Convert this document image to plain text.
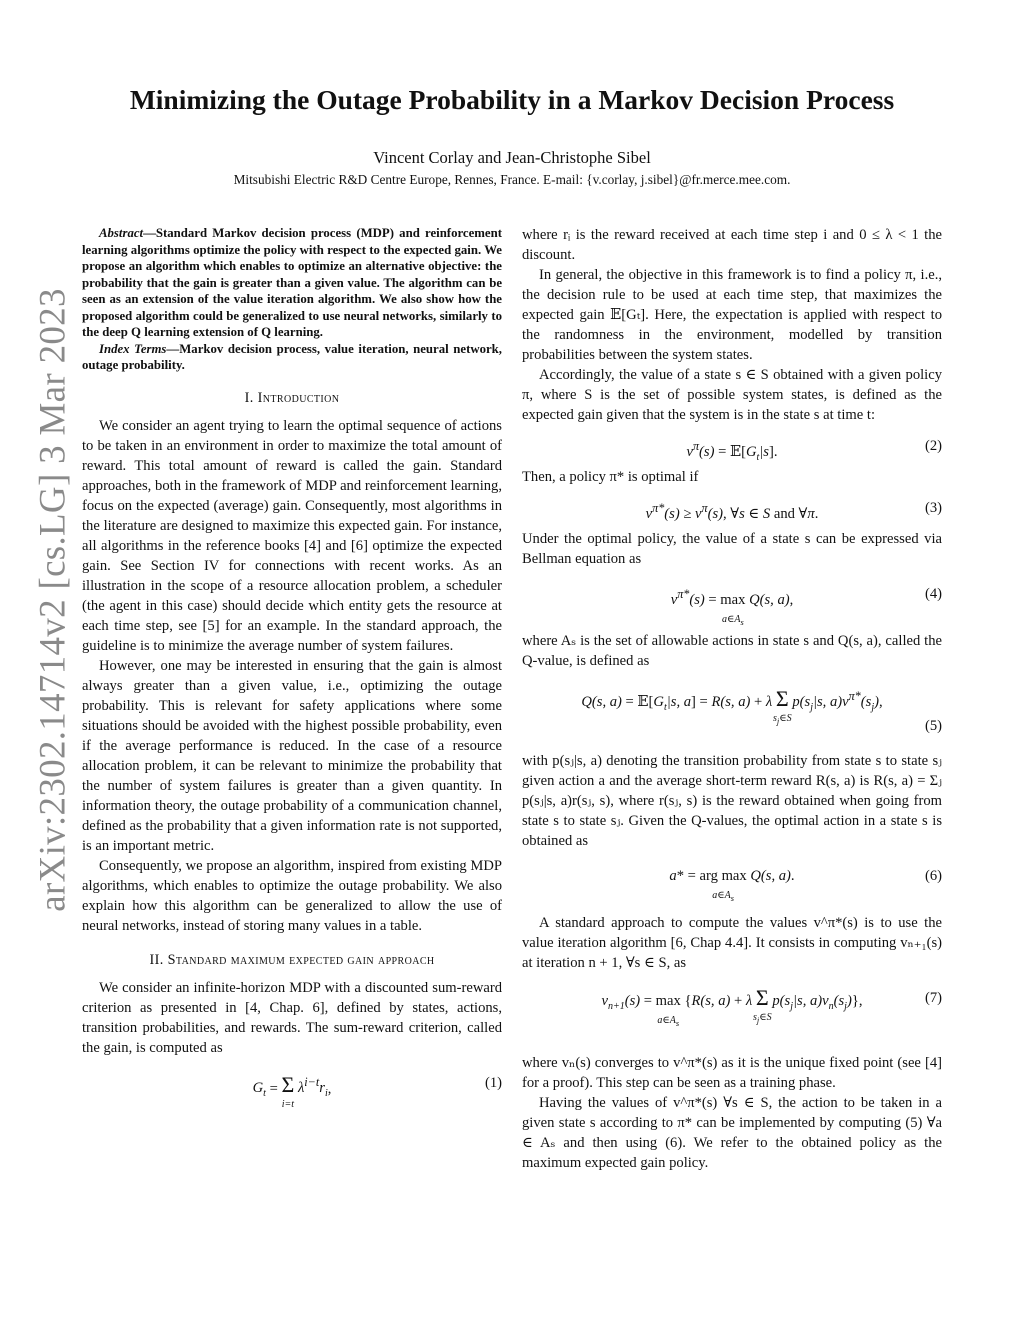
arXiv:2302.14714v2 [cs.LG] 3 Mar 2023
Minimizing the Outage Probability in a Markov Decision Process
Vincent Corlay and Jean-Christophe Sibel
Mitsubishi Electric R&D Centre Europe, Rennes, France. E-mail: {v.corlay, j.sibel}@fr.merce.mee.com.

Abstract—Standard Markov decision process (MDP) and reinforcement learning algorithms optimize the policy with respect to the expected gain. We propose an algorithm which enables to optimize an alternative objective: the probability that the gain is greater than a given value. The algorithm can be seen as an extension of the value iteration algorithm. We also show how the proposed algorithm could be generalized to use neural networks, similarly to the deep Q learning extension of Q learning.

Index Terms—Markov decision process, value iteration, neural network, outage probability.

I. Introduction

We consider an agent trying to learn the optimal sequence of actions to be taken in an environment in order to maximize the total amount of reward. This total amount of reward is called the gain. Standard approaches, both in the framework of MDP and reinforcement learning, focus on the expected (average) gain. Consequently, most algorithms in the literature are designed to maximize this expected gain. For instance, all algorithms in the reference books [4] and [6] optimize the expected gain. See Section IV for connections with recent works. As an illustration in the scope of a resource allocation problem, a scheduler (the agent in this case) should decide which entity gets the resource at each time step, see [5] for an example. In the standard approach, the guideline is to minimize the average number of system failures.

However, one may be interested in ensuring that the gain is almost always greater than a given value, i.e., optimizing the outage probability. This is relevant for safety applications where some situations should be avoided with the highest possible probability, even if the average performance is reduced. In the case of a resource allocation problem, it can be relevant to minimize the probability that the number of system failures is greater than a given quantity. In information theory, the outage probability of a communication channel, defined as the probability that a given information rate is not supported, is an important metric.

Consequently, we propose an algorithm, inspired from existing MDP algorithms, which enables to optimize the outage probability. We also explain how this algorithm can be generalized to allow the use of neural networks, instead of storing many values in a table.

II. Standard maximum expected gain approach

We consider an infinite-horizon MDP with a discounted sum-reward criterion as presented in [4, Chap. 6], defined by states, actions, transition probabilities, and rewards. The sum-reward criterion, called the gain, is computed as

$G_t = \Sigma$
i=t
$\lambda^{i-t}r_i$,	(1)

where rᵢ is the reward received at each time step i and 0 ≤ λ < 1 the discount.

In general, the objective in this framework is to find a policy π, i.e., the decision rule to be used at each time step, that maximizes the expected gain 𝔼[Gₜ]. Here, the expectation is applied with respect to the randomness in the environment, modelled by transition probabilities between the system states.

Accordingly, the value of a state s ∈ S obtained with a given policy π, where S is the set of possible system states, is defined as the expected gain given that the system is in the state s at time t:

$v^\pi(s)$ = $𝔼[G_t|s]$.	(2)

Then, a policy π* is optimal if

$v^{\pi*}(s) \ge v^\pi(s)$, ∀s ∈ S and ∀π.	(3)

Under the optimal policy, the value of a state s can be expressed via Bellman equation as

$v^{\pi*}(s) = \max$
$a\in A_s$
Q(s, a),	(4)

where Aₛ is the set of allowable actions in state s and Q(s, a), called the Q-value, is defined as

Q(s, $a) = 𝔼[G_t|s$, a] = R(s, a) + λ Σ
$s_j\in S$
$p(s_j|s$, $a)v^{\pi*}(s_j)$,
(5)

with p(sⱼ|s, a) denoting the transition probability from state s to state sⱼ given action a and the average short-term reward R(s, a) is R(s, a) = Σⱼ p(sⱼ|s, a)r(sⱼ, s), where r(sⱼ, s) is the reward obtained when going from state s to state sⱼ. Given the Q-values, the optimal action in a state s is obtained as

a* = arg max
$a\in A_s$
Q(s, a).	(6)

A standard approach to compute the values v^π*(s) is to use the value iteration algorithm [6, Chap 4.4]. It consists in computing vₙ₊₁(s) at iteration n + 1, ∀s ∈ S, as

$v_{n+1}(s) = \max$
$a\in A_s$
{R(s, a) + λ Σ
$s_j\in S$
$p(s_j|s$, $a)v_n(s_j)$},	(7)

where vₙ(s) converges to v^π*(s) as it is the unique fixed point (see [4] for a proof). This step can be seen as a training phase.

Having the values of v^π*(s) ∀s ∈ S, the action to be taken in a given state s according to π* can be implemented by computing (5) ∀a ∈ Aₛ and then using (6). We refer to the obtained policy as the maximum expected gain policy.
